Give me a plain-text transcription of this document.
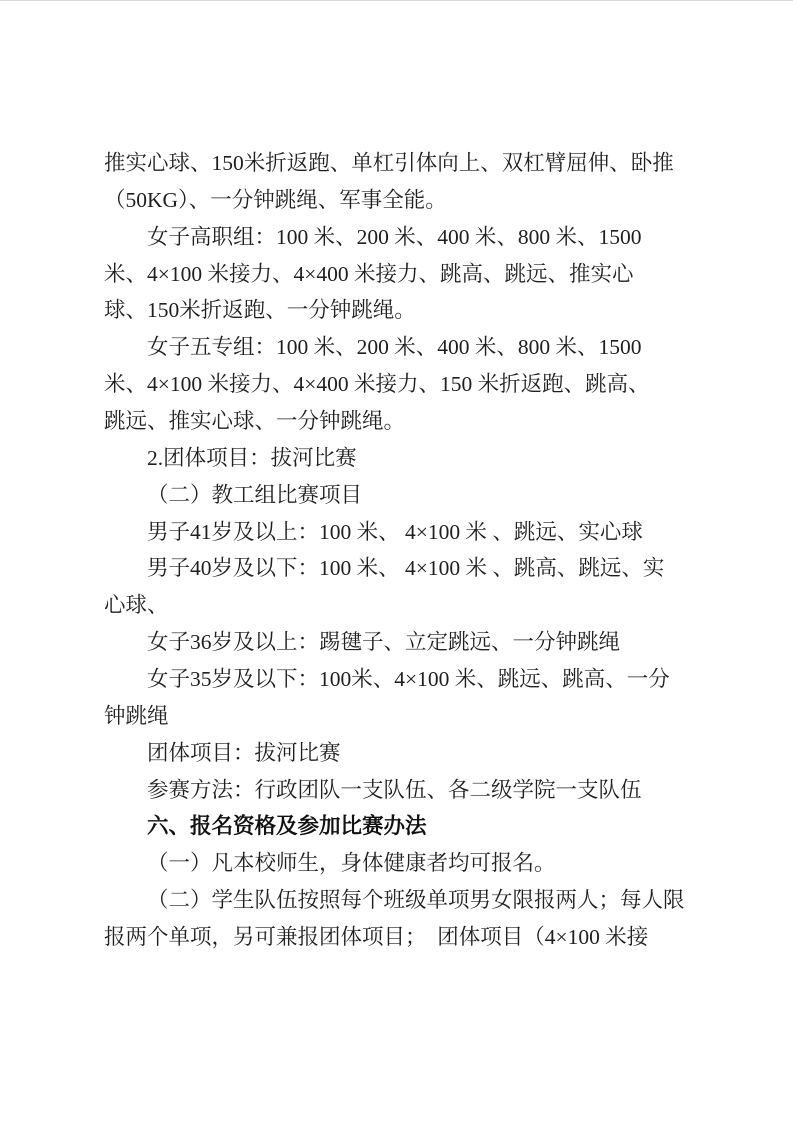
推实心球、150米折返跑、单杠引体向上、双杠臂屈伸、卧推
（50KG）、一分钟跳绳、军事全能。
女子高职组：100 米、200 米、400 米、800 米、1500
米、4×100 米接力、4×400 米接力、跳高、跳远、推实心
球、150米折返跑、一分钟跳绳。
女子五专组：100 米、200 米、400 米、800 米、1500
米、4×100 米接力、4×400 米接力、150 米折返跑、跳高、
跳远、推实心球、一分钟跳绳。
2.团体项目：拔河比赛
（二）教工组比赛项目
男子41岁及以上：100 米、 4×100 米 、跳远、实心球
男子40岁及以下：100 米、 4×100 米 、跳高、跳远、实
心球、
女子36岁及以上：踢毽子、立定跳远、一分钟跳绳
女子35岁及以下：100米、4×100 米、跳远、跳高、一分
钟跳绳
团体项目：拔河比赛
参赛方法：行政团队一支队伍、各二级学院一支队伍
六、报名资格及参加比赛办法
（一）凡本校师生，身体健康者均可报名。
（二）学生队伍按照每个班级单项男女限报两人；每人限
报两个单项，另可兼报团体项目；　团体项目（4×100 米接
